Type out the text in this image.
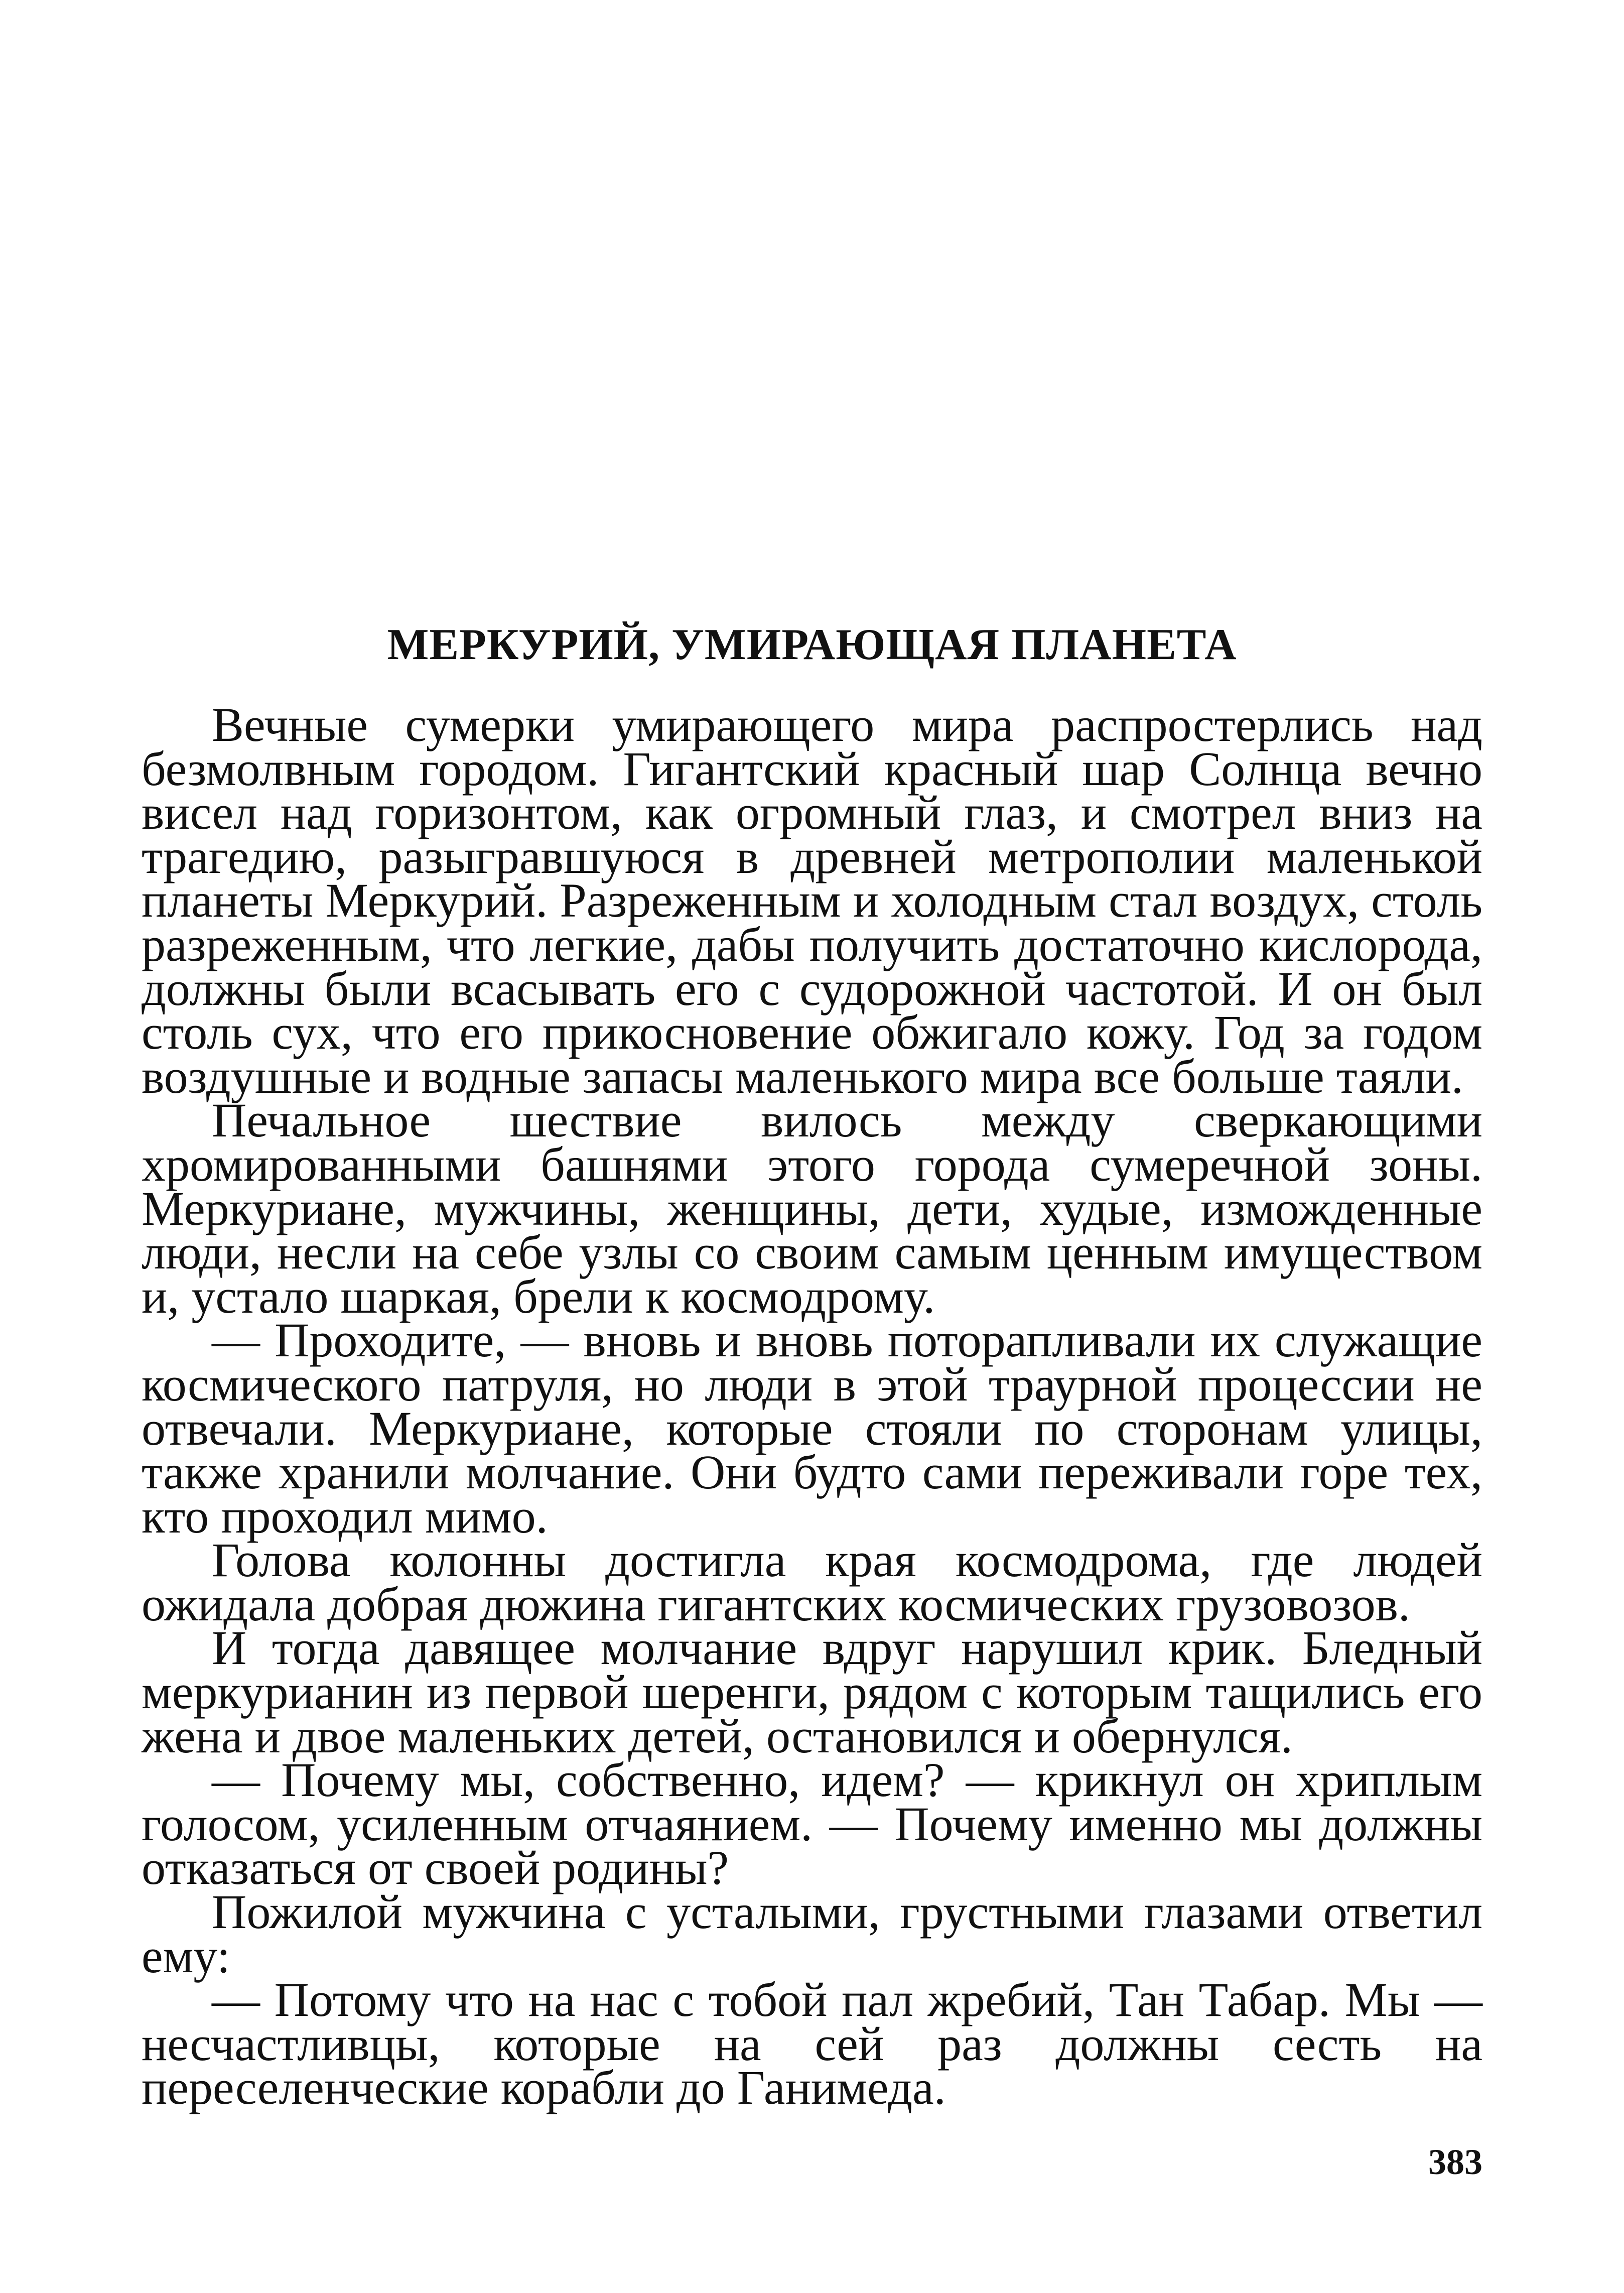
МЕРКУРИЙ, УМИРАЮЩАЯ ПЛАНЕТА

Вечные сумерки умирающего мира распростерлись над безмолвным городом. Гигантский красный шар Солнца вечно висел над горизонтом, как огромный глаз, и смотрел вниз на трагедию, разыгравшуюся в древней метрополии маленькой планеты Меркурий. Разреженным и холодным стал воздух, столь разреженным, что легкие, дабы получить достаточно кислорода, должны были всасывать его с судорожной частотой. И он был столь сух, что его прикосновение обжигало кожу. Год за годом воздушные и водные запасы маленького мира все больше таяли.

Печальное шествие вилось между сверкающими хромированными башнями этого города сумеречной зоны. Меркуриане, мужчины, женщины, дети, худые, изможденные люди, несли на себе узлы со своим самым ценным имуществом и, устало шаркая, брели к космодрому.

— Проходите, — вновь и вновь поторапливали их служащие космического патруля, но люди в этой траурной процессии не отвечали. Меркуриане, которые стояли по сторонам улицы, также хранили молчание. Они будто сами переживали горе тех, кто проходил мимо.

Голова колонны достигла края космодрома, где людей ожидала добрая дюжина гигантских космических грузовозов.

И тогда давящее молчание вдруг нарушил крик. Бледный меркурианин из первой шеренги, рядом с которым тащились его жена и двое маленьких детей, остановился и обернулся.

— Почему мы, собственно, идем? — крикнул он хриплым голосом, усиленным отчаянием. — Почему именно мы должны отказаться от своей родины?

Пожилой мужчина с усталыми, грустными глазами ответил ему:

— Потому что на нас с тобой пал жребий, Тан Табар. Мы — несчастливцы, которые на сей раз должны сесть на переселенческие корабли до Ганимеда.

383
